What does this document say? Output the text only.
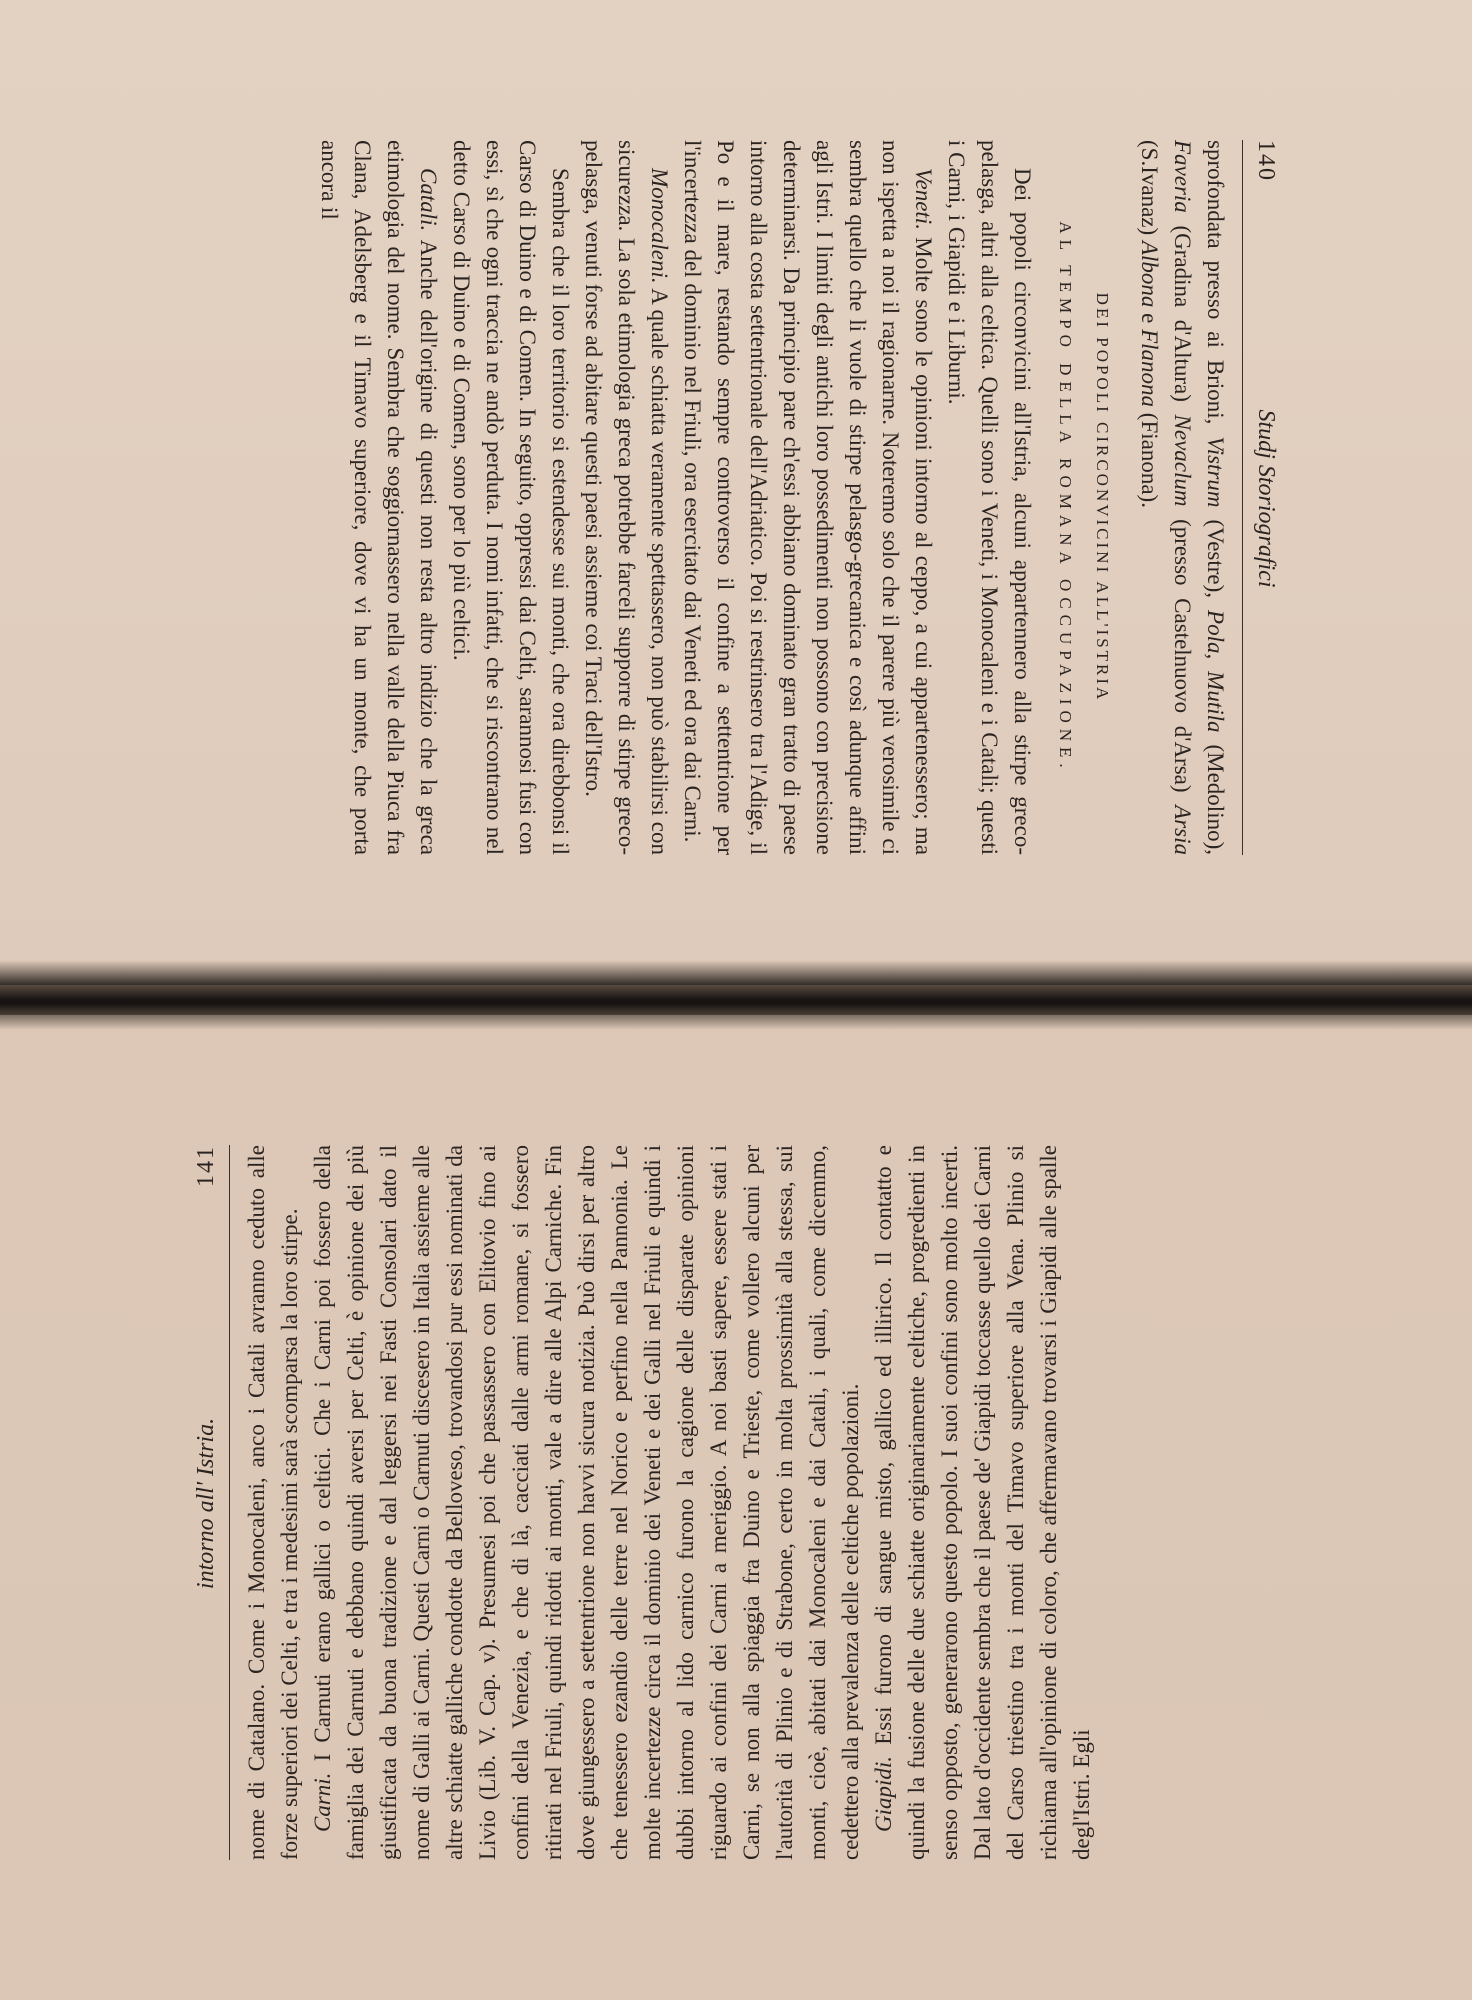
140
Studj Storiografici

sprofondata presso ai Brioni, Vistrum (Vestre), Pola, Mutila (Medolino), Faveria (Gradina d'Altura) Nevaclum (presso Castelnuovo d'Arsa) Arsia (S.Ivanaz) Albona e Flanona (Fianona).

DEI POPOLI CIRCONVICINI ALL'ISTRIA

AL TEMPO DELLA ROMANA OCCUPAZIONE.

Dei popoli circonvicini all'Istria, alcuni appartennero alla stirpe greco-pelasga, altri alla celtica. Quelli sono i Veneti, i Monocaleni e i Catali; questi i Carni, i Giapidi e i Liburni.

Veneti. Molte sono le opinioni intorno al ceppo, a cui appartenessero; ma non ispetta a noi il ragionarne. Noteremo solo che il parere più verosimile ci sembra quello che li vuole di stirpe pelasgo-grecanica e così adunque affini agli Istri. I limiti degli antichi loro possedimenti non possono con precisione determinarsi. Da principio pare ch'essi abbiano dominato gran tratto di paese intorno alla costa settentrionale dell'Adriatico. Poi si restrinsero tra l'Adige, il Po e il mare, restando sempre controverso il confine a settentrione per l'incertezza del dominio nel Friuli, ora esercitato dai Veneti ed ora dai Carni.

Monocaleni. A quale schiatta veramente spettassero, non può stabilirsi con sicurezza. La sola etimologia greca potrebbe farceli supporre di stirpe greco-pelasga, venuti forse ad abitare questi paesi assieme coi Traci dell'Istro.

Sembra che il loro territorio si estendesse sui monti, che ora direbbonsi il Carso di Duino e di Comen. In seguito, oppressi dai Celti, sarannosi fusi con essi, sì che ogni traccia ne andò perduta. I nomi infatti, che si riscontrano nel detto Carso di Duino e di Comen, sono per lo più celtici.

Catali. Anche dell'origine di questi non resta altro indizio che la greca etimologia del nome. Sembra che soggiornassero nella valle della Piuca fra Clana, Adelsberg e il Timavo superiore, dove vi ha un monte, che porta ancora il

intorno all' Istria.
141 nome di Catalano. Come i Monocaleni, anco i Catali avranno ceduto alle forze superiori dei Celti, e tra i medesimi sarà scomparsa la loro stirpe. Carni. I Carnuti erano gallici o celtici. Che i Carni poi fossero della famiglia dei Carnuti e debbano quindi aversi per Celti, è opinione dei più giustificata da buona tradizione e dal leggersi nei Fasti Consolari dato il nome di Galli ai Carni. Questi Carni o Carnuti discesero in Italia assieme alle altre schiatte galliche condotte da Belloveso, trovandosi pur essi nominati da Livio (Lib. V. Cap. v). Presumesi poi che passassero con Elitovio fino ai confini della Venezia, e che di là, cacciati dalle armi romane, si fossero ritirati nel Friuli, quindi ridotti ai monti, vale a dire alle Alpi Carniche. Fin dove giungessero a settentrione non havvi sicura notizia. Può dirsi per altro che tenessero ezandio delle terre nel Norico e perfino nella Pannonia. Le molte incertezze circa il dominio dei Veneti e dei Galli nel Friuli e quindi i dubbi intorno al lido carnico furono la cagione delle disparate opinioni riguardo ai confini dei Carni a meriggio. A noi basti sapere, essere stati i Carni, se non alla spiaggia fra Duino e Trieste, come vollero alcuni per l'autorità di Plinio e di Strabone, certo in molta prossimità alla stessa, sui monti, cioè, abitati dai Monocaleni e dai Catali, i quali, come dicemmo, cedettero alla prevalenza delle celtiche popolazioni. Giapidi. Essi furono di sangue misto, gallico ed illirico. Il contatto e quindi la fusione delle due schiatte originariamente celtiche, progredienti in senso opposto, generarono questo popolo. I suoi confini sono molto incerti. Dal lato d'occidente sembra che il paese de' Giapidi toccasse quello dei Carni del Carso triestino tra i monti del Timavo superiore alla Vena. Plinio si richiama all'opinione di coloro, che affermavano trovarsi i Giapidi alle spalle degl'Istri. Egli
